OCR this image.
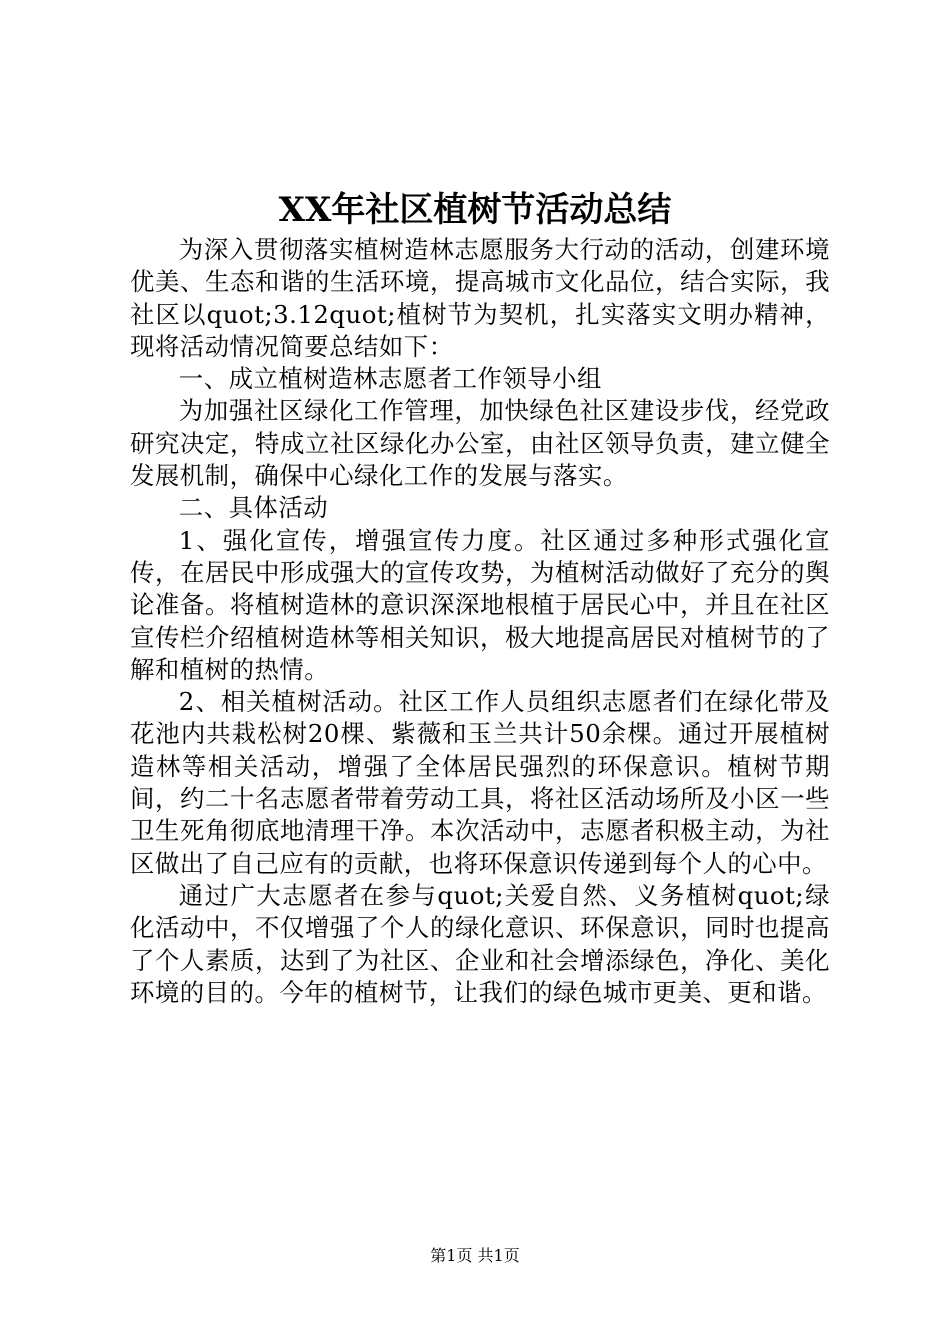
XX年社区植树节活动总结

为深入贯彻落实植树造林志愿服务大行动的活动，创建环境优美、生态和谐的生活环境，提高城市文化品位，结合实际，我社区以quot;3.12quot;植树节为契机，扎实落实文明办精神，现将活动情况简要总结如下：

一、成立植树造林志愿者工作领导小组

为加强社区绿化工作管理，加快绿色社区建设步伐，经党政研究决定，特成立社区绿化办公室，由社区领导负责，建立健全发展机制，确保中心绿化工作的发展与落实。

二、具体活动

1、强化宣传，增强宣传力度。社区通过多种形式强化宣传，在居民中形成强大的宣传攻势，为植树活动做好了充分的舆论准备。将植树造林的意识深深地根植于居民心中，并且在社区宣传栏介绍植树造林等相关知识，极大地提高居民对植树节的了解和植树的热情。

2、相关植树活动。社区工作人员组织志愿者们在绿化带及花池内共栽松树20棵、紫薇和玉兰共计50余棵。通过开展植树造林等相关活动，增强了全体居民强烈的环保意识。植树节期间，约二十名志愿者带着劳动工具，将社区活动场所及小区一些卫生死角彻底地清理干净。本次活动中，志愿者积极主动，为社区做出了自己应有的贡献，也将环保意识传递到每个人的心中。

通过广大志愿者在参与quot;关爱自然、义务植树quot;绿化活动中，不仅增强了个人的绿化意识、环保意识，同时也提高了个人素质，达到了为社区、企业和社会增添绿色，净化、美化环境的目的。今年的植树节，让我们的绿色城市更美、更和谐。

第1页 共1页
